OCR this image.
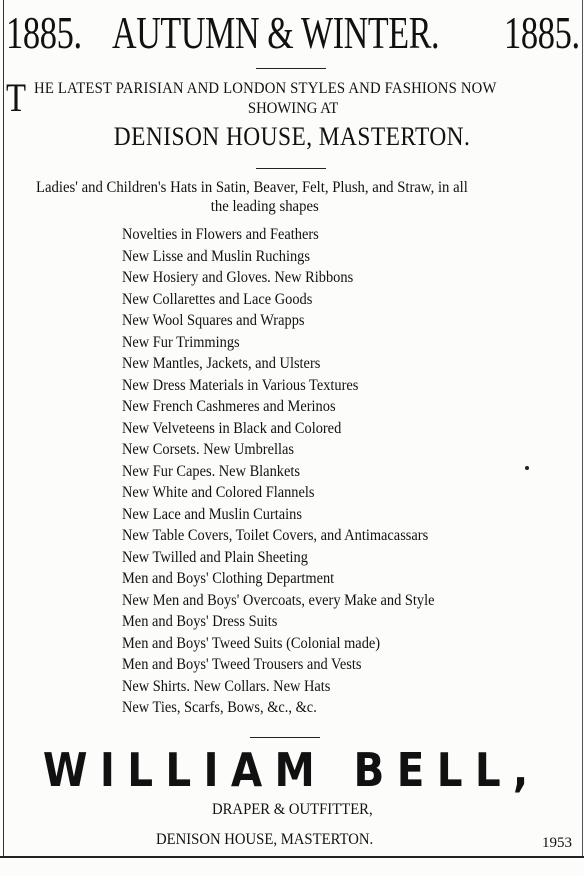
1885. AUTUMN & WINTER. 1885.
T HE LATEST PARISIAN AND LONDON STYLES AND FASHIONS NOW
SHOWING AT
DENISON HOUSE, MASTERTON.
Ladies' and Children's Hats in Satin, Beaver, Felt, Plush, and Straw, in all
the leading shapes
Novelties in Flowers and Feathers
New Lisse and Muslin Ruchings
New Hosiery and Gloves. New Ribbons
New Collarettes and Lace Goods
New Wool Squares and Wrapps
New Fur Trimmings
New Mantles, Jackets, and Ulsters
New Dress Materials in Various Textures
New French Cashmeres and Merinos
New Velveteens in Black and Colored
New Corsets. New Umbrellas
New Fur Capes. New Blankets
New White and Colored Flannels
New Lace and Muslin Curtains
New Table Covers, Toilet Covers, and Antimacassars
New Twilled and Plain Sheeting
Men and Boys' Clothing Department
New Men and Boys' Overcoats, every Make and Style
Men and Boys' Dress Suits
Men and Boys' Tweed Suits (Colonial made)
Men and Boys' Tweed Trousers and Vests
New Shirts. New Collars. New Hats
New Ties, Scarfs, Bows, &c., &c.
WILLIAM BELL,
DRAPER & OUTFITTER,
DENISON HOUSE, MASTERTON.	1953
